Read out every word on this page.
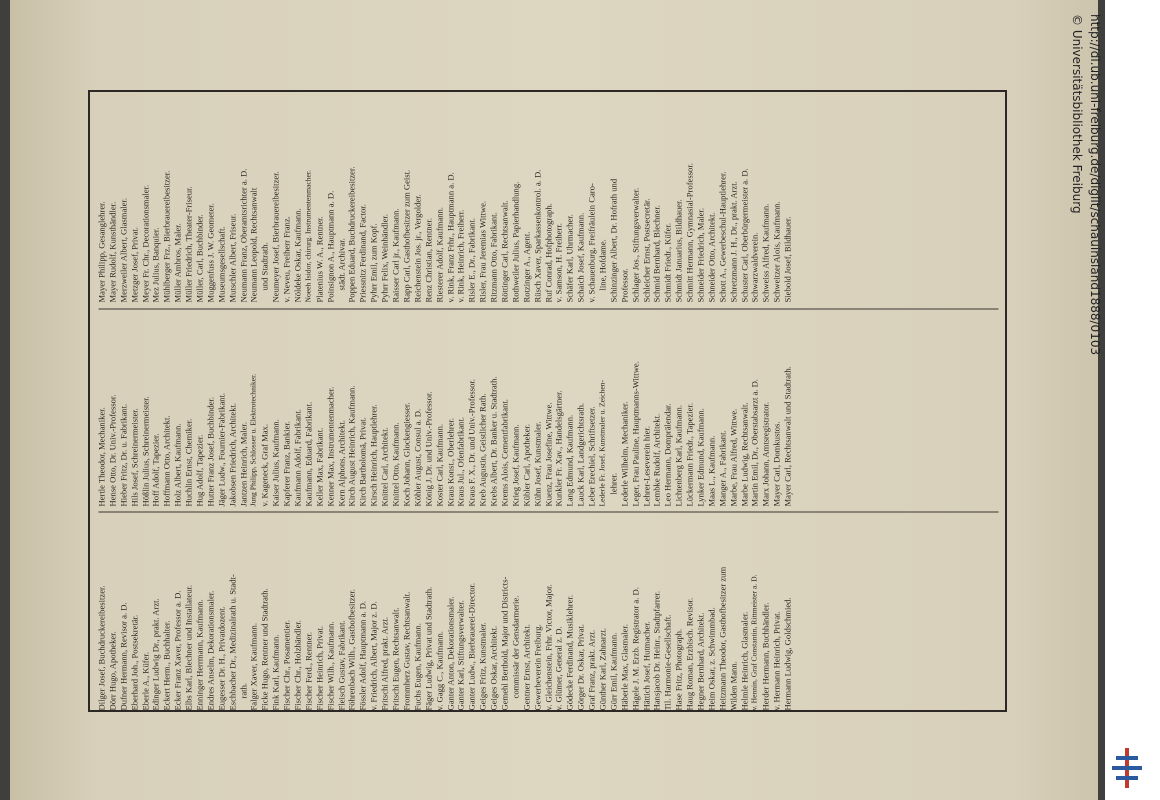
Dilger Josef, Buchdruckereibesitzer. Dörr Hugo, Apotheker. Dufner Hermann, Revisor a. D. Eberhard Joh., Postsekretär. Eberle A., Küfer. Edinger Ludwig Dr., prakt. Arzt. Eckert Herm., Buchhalter. Ecker Franz Xaver, Professor a. D. Elbs Karl, Blechner und Installateur. Enninger Herrmann, Kaufmann. Endres Anselm, Dekorationsmaler. Eugesser Dr. H., Privatdozent. Eschbacher Dr., Medizinalrath u. Stadt- rath. Falger Xaver, Kaufmann. Ficke Hugo, Rentner und Stadtrath. Fink Karl, Kaufmann. Fischer Chr., Posamentier. Fischer Chr., Holzhändler. Fischer Ferd., Rentner. Fischer Heinrich, Privat. Fischer Wilh., Kaufmann. Fleisch Gustav, Fabrikant. Föhrenbach Wilh., Gastbofbesitzer. Fössler Adolf, Hauptmann a. D. v. Friedrich, Albert, Major z. D. Fritschi Alfred, prakt. Arzt. Fritschi Eugen, Rechtsanwalt. Frommherz Gustav, Rechtsanwalt. Fuchs Eugen, Kaufmann. Fäger Ludwig, Privat und Stadtrath. v. Gagg C., Kaufmann. Ganter Anton, Dekorationsmaler. Ganter Karl, Stiftungsverwalter. Ganter Ludw., Bierbrauerei-Director. Geiges Fritz, Kunstmaler. Geiges Oskar, Architekt. Gemehl Berthold, Major und Districts- commissär der Gensdarmerie. Gentner Ernst, Architekt. Gewerbeverein Freiburg. v. Gleichenstein, Frhr. Victor, Major. v. Glümer, General z. D. Gödecke Ferdinand, Musiklehrer. Görger Dr. Oskar, Privat. Graf Franz, prakt. Arzt. Günther Karl, Zahnarzt. Gürr Emil, Kaufmann. Häberle Max, Glasmaler. Hägele J. M. Erzb. Registrator a. D. Hättich Josef, Hutmacher. Hansjacob Dr. Heinr., Stadtpfarrer. Til. Harmonie-Gesellschaft. Hase Fritz, Photograph. Haug Roman, Erzbisch. Revisor. Hegner Bernhard, Architekt. Heim Oskar, z. Schwimmbad. Heitzmann Theodor, Gasthofbesitzer zum Wilden Mann. Helmle Heinrich, Glasmaler. v. Hennin, Graf Constantin, Rittmeister a. D. Herder Hermann, Buchhändler. v. Hermann Heinrich, Privat. Hermann Ludwig, Goldschmied.
Hertle Theodor, Mechaniker. Hense Otto, Dr. Univ.-Professor. Hieber Fritz, Dr. u. Fabrikant. Hils Josef, Schreinermeister. Hößlin Julius, Schreinermeister. Hoff Adolf, Tapezier. Hoffmann Otto, Architekt. Holz Albert, Kaufmann. Huchlin Ernst, Chemiker. Hug Adolf, Tapezier. Hutter Franz Josef, Buchbinder. Jäger Ludw., Fournier-Fabrikant. Jakobsen Friedrich, Architekt. Jantzen Heinrich, Maler. Jung Philipp, Schlosser u. Elektrotechniker. v. Kageneck, Graf Max. Kaiser Julius, Kaufmann. Kapferer Franz, Bankier. Kaufmann Adolf, Fabrikant. Kaufmann, Eduard, Fabrikant. Keller Max, Fabrikant. Kenner Max, Instrumentenmacher. Kern Alphons, Architekt. Kirch August Heinrich, Kaufmann. Kirch Bartholomä, Privat. Kirsch Heinrich, Hauptlehrer. Knittel Carl, Architekt. Knittel Otto, Kaufmann. Koch Johann, Glockengiesser. Köhler August, Consul a. D. König J. Dr. und Univ.-Professor. Koster Carl, Kaufmann. Kraus Konst., Oberlehrer. Kraus Jul., Ofenfabrikant. Kraus F. X., Dr. und Univ.-Professor. Kreb Augustin, Geistlicher Rath. Krebs Albert, Dr. Banker u. Stadtrath. Krems Alois, Cementfabrikant. Krieg Josef, Kaufmann. Kübler Carl, Apotheker. Kühn Josef, Kunstmaler. Kuenz, Frau Josefine, Wittwe. Kunkler Fr. Xav., Handelsgärtner. Lang Edmund, Kaufmann. Lauck Karl, Landgerichtsrath. Leber Erechiel, Schriftsetzer. Lederle Fr. Josef, Kunstmaler u. Zeichen- lehrer. Lederle Wilhelm, Mechaniker. Leger, Frau Pauline, Hauptmanns-Wittwe. Lehrer-Leseverein hier. Lembke Rudolf, Architekt. Leo Hermann, Domprälendar. Lichtenberg Karl, Kaufmann. Lückermann Friedr., Tapezier. Lynker Edmund, Kaufmann. Maas L., Kaufmann. Manger A., Fabrikant. Marbe, Frau Alfred, Wittwe. Marbe Ludwig, Rechtsanwalt. Martin Emil, Dr., Oberstabsarzt a. D. Marx Johann, Amtsregistrator. Mayer Carl, Domkustos. Mayer Carl, Rechtsanwalt und Stadtrath.
Mayer Philipp, Gesanglehrer. Mayer Rudolf, Kunsthändler. Merzweiler Albert, Glasmaler. Metzger Josef, Privat. Meyer Fr. Chr., Decorationsmaler. Mez Julius, Banquier. Mühlberger Frz., Bierbrauereibesitzer. Müller Ambros, Maler. Müller Friedrich, Theater-Friseur. Müller, Carl, Buchbinder. Muggenfuss J. W. Geometer. Museumsgesellschaft. Mutschler Albert, Friseur. Neumann Franz, Oberamtsrichter a. D. Neumann Leopold, Rechtsanwalt und Stadtrath. Neumeyer Josef, Bierbrauereibesitzer. v. Neveu, Freiherr Franz. Nöldeke Oskar, Kaufmann. Noeeh Isidor, chirurg. Instrumentenmacher. Platenius W. A., Rentner. Poinsignon A., Hauptmann a. D. städt. Archivar. Poppen Eduard, Buchdruckereibesitzer. Priessnitz Ferdinand, Factor. Pyhrr Emil, zum Kopf. Pyhrr Felix, Weinhändler. Raisser Carl jr., Kaufmann. Rapp Carl, Gasthofbesitzer zum Geist. Reichenstein Jos. jr., Vergolder. Renz Christian, Rentner. Riesterer Adolf, Kaufmann. v. Rink, Franz Frhr., Hauptmann a. D. v. Rink, Heinrich, Freiherr. Risler E., Dr., Fabrikant. Risler, Frau Jeremias Wittwe. Ritzmann Otto, Fabrikant. Röttinger Carl, Rechtsanwalt. Rothweiler Julius, Papierhandlung. Rotzinger A., Agent. Rüsch Xaver, Sparkassenkontrol. a. D. Ruf Conrad, Hofphotograph. v. Samson, H. Freiherr. Schäfer Karl, Uhrmacher. Schaich Josef, Kaufmann. v. Schauenburg, Freifräulein Caro- line, Hofdame. Schinzinger Albert, Dr. Hofrath und Professor. Schlager Jos., Stiftungsverwalter. Schleicher Ernst, Postsecretär. Schmid Bernhard, Blechner. Schmidt Friedr., Küfer. Schmidt Januarius, Bildhauer. Schmitt Hermann, Gymnasial-Professor. Schneider Friedrich, Maler. Schneider Otto, Architekt. Schott A., Gewerbeschul-Hauptlehrer. Schretzmann J. H., Dr., prakt. Arzt. Schuster Carl, Oberbürgermeister a. D. Schwarzwaldverein. Schweiss Alfred, Kaufmann. Schweitzer Alois, Kaufmann. Siebold Josef, Bildhauer.	http://dl.ub.uni-freiburg.de/diglit/schauinsland1888/0103
© Universitätsbibliothek Freiburg
